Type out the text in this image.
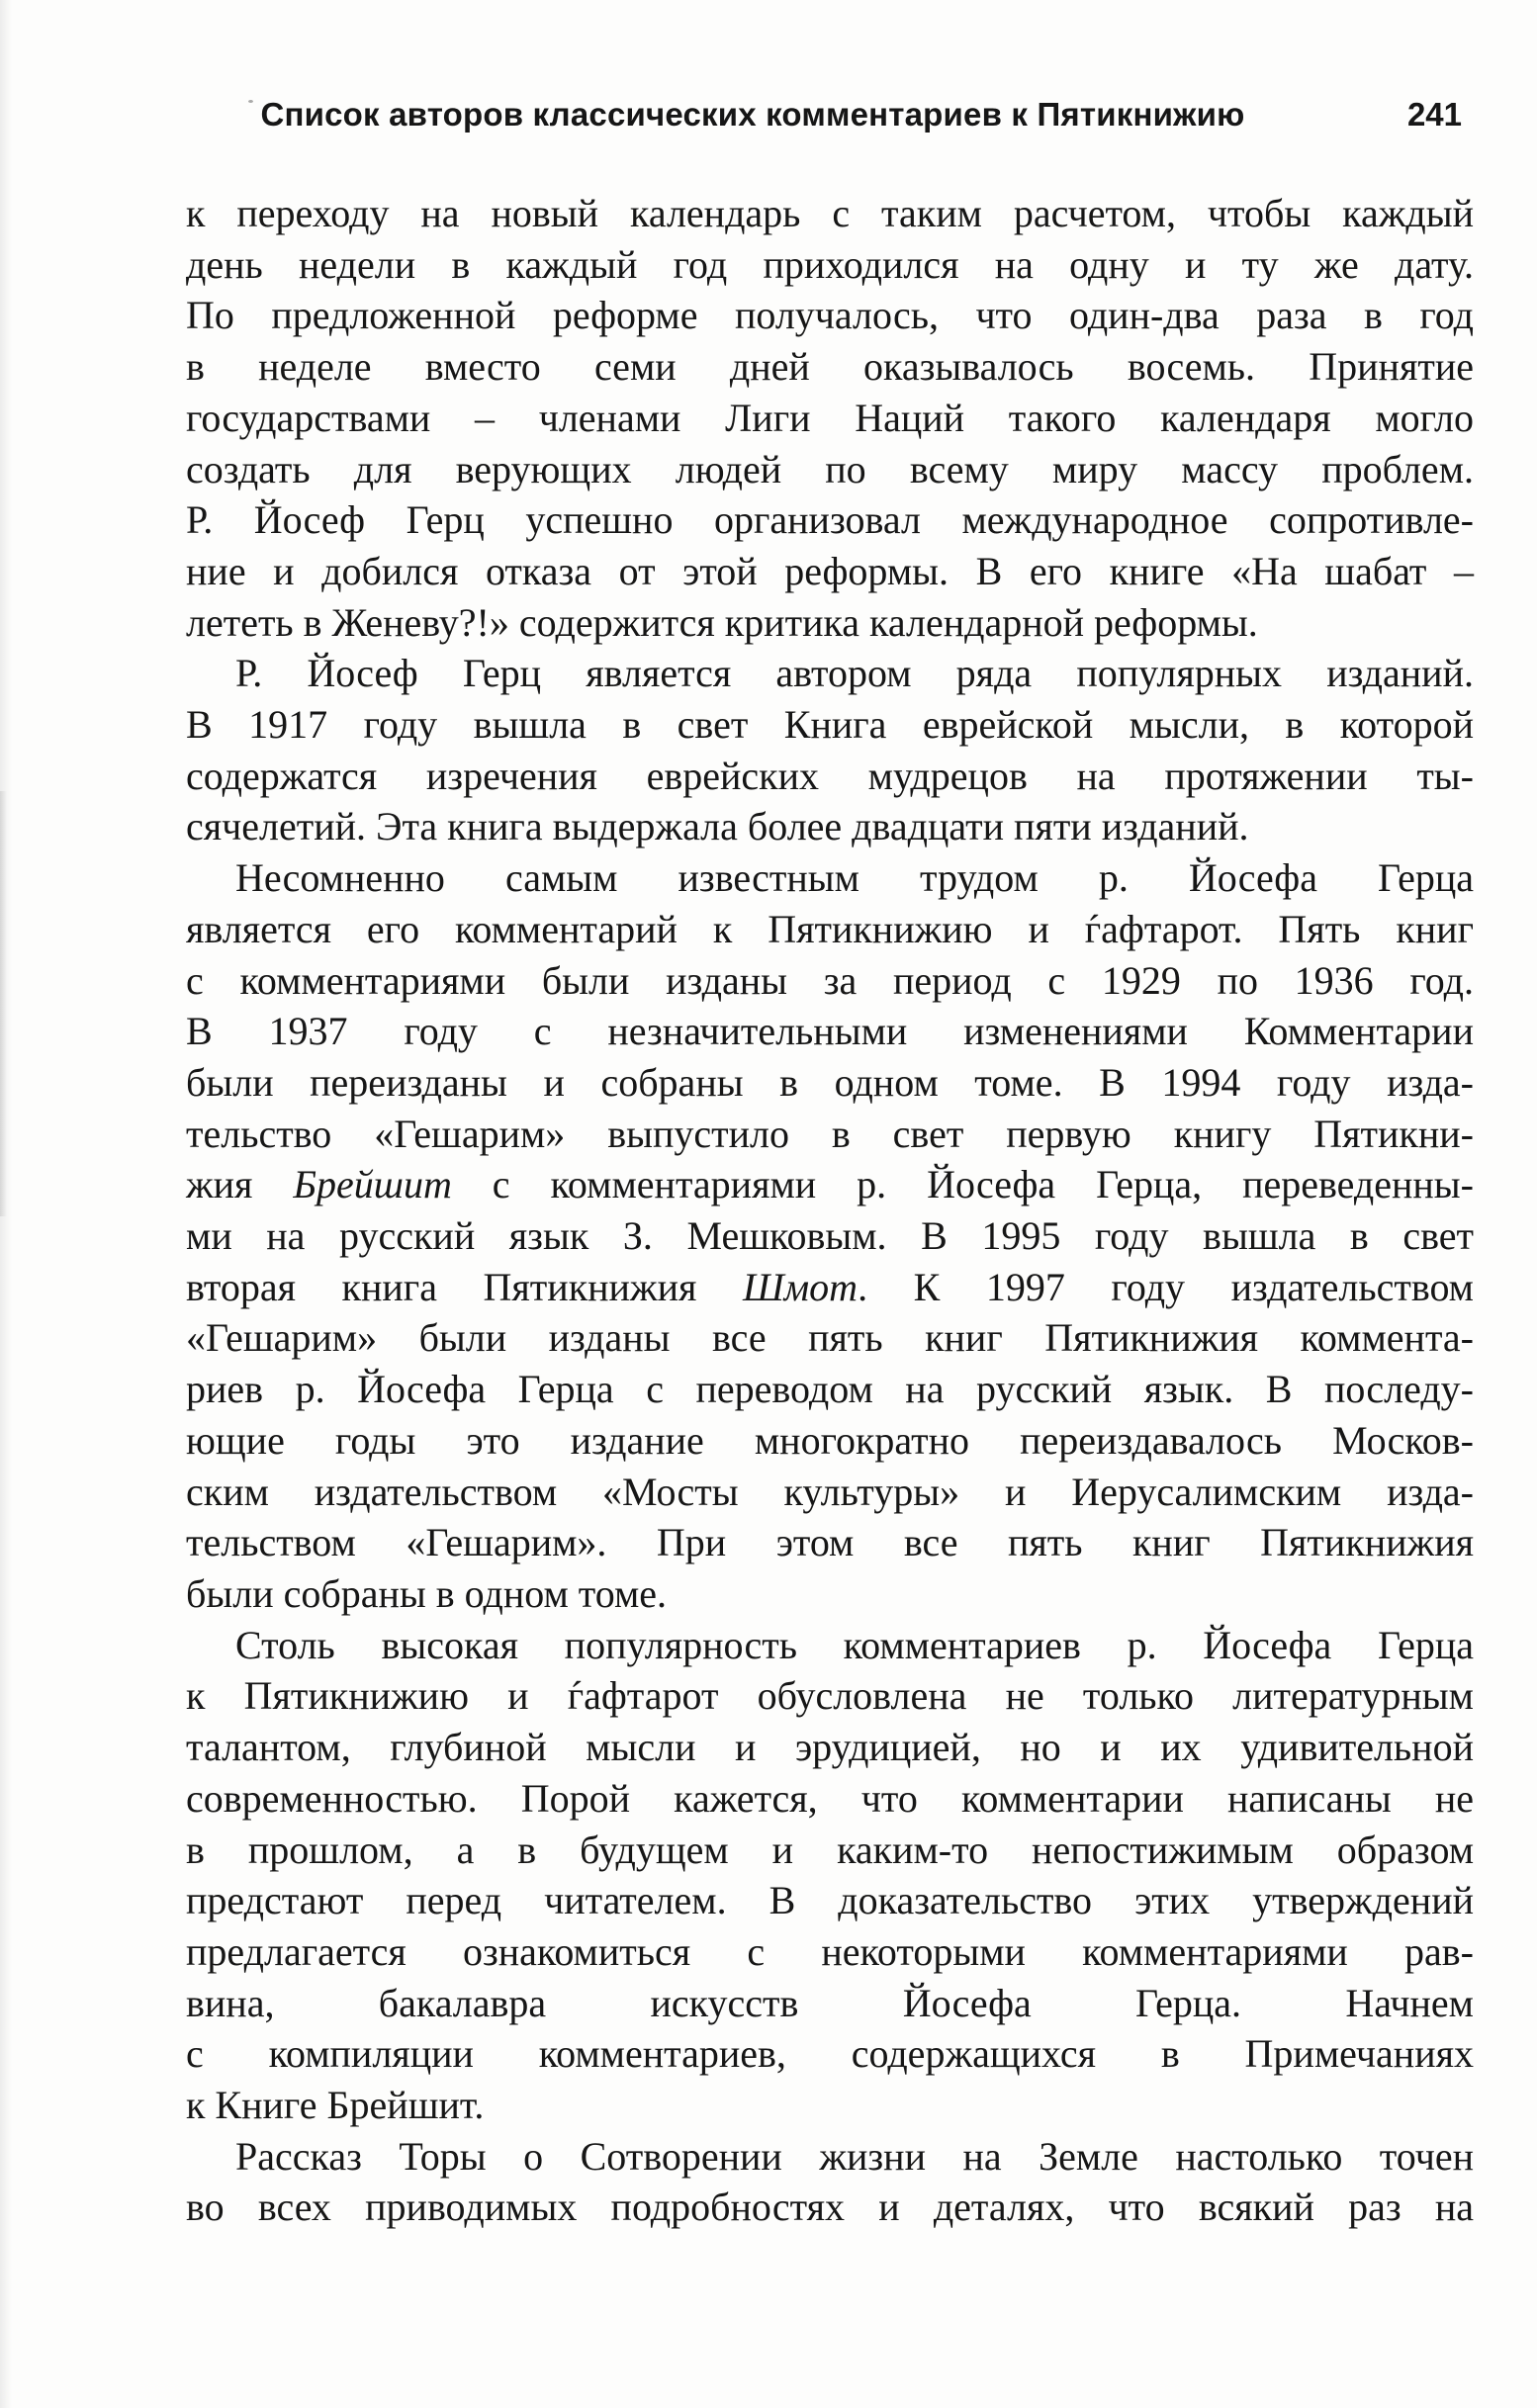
Список авторов классических комментариев к Пятикнижию	241
к переходу на новый календарь с таким расчетом, чтобы каждый
день недели в каждый год приходился на одну и ту же дату.
По предложенной реформе получалось, что один-два раза в год
в неделе вместо семи дней оказывалось восемь. Принятие
государствами – членами Лиги Наций такого календаря могло
создать для верующих людей по всему миру массу проблем.
Р. Йосеф Герц успешно организовал международное сопротивле-
ние и добился отказа от этой реформы. В его книге «На шабат –
лететь в Женеву?!» содержится критика календарной реформы.
Р. Йосеф Герц является автором ряда популярных изданий.
В 1917 году вышла в свет Книга еврейской мысли, в которой
содержатся изречения еврейских мудрецов на протяжении ты-
сячелетий. Эта книга выдержала более двадцати пяти изданий.
Несомненно самым известным трудом р. Йосефа Герца
является его комментарий к Пятикнижию и ѓафтарот. Пять книг
с комментариями были изданы за период с 1929 по 1936 год.
В 1937 году с незначительными изменениями Комментарии
были переизданы и собраны в одном томе. В 1994 году изда-
тельство «Гешарим» выпустило в свет первую книгу Пятикни-
жия Брейшит с комментариями р. Йосефа Герца, переведенны-
ми на русский язык З. Мешковым. В 1995 году вышла в свет
вторая книга Пятикнижия Шмот. К 1997 году издательством
«Гешарим» были изданы все пять книг Пятикнижия коммента-
риев р. Йосефа Герца с переводом на русский язык. В последу-
ющие годы это издание многократно переиздавалось Москов-
ским издательством «Мосты культуры» и Иерусалимским изда-
тельством «Гешарим». При этом все пять книг Пятикнижия
были собраны в одном томе.
Столь высокая популярность комментариев р. Йосефа Герца
к Пятикнижию и ѓафтарот обусловлена не только литературным
талантом, глубиной мысли и эрудицией, но и их удивительной
современностью. Порой кажется, что комментарии написаны не
в прошлом, а в будущем и каким-то непостижимым образом
предстают перед читателем. В доказательство этих утверждений
предлагается ознакомиться с некоторыми комментариями рав-
вина, бакалавра искусств Йосефа Герца. Начнем
с компиляции комментариев, содержащихся в Примечаниях
к Книге Брейшит.
Рассказ Торы о Сотворении жизни на Земле настолько точен
во всех приводимых подробностях и деталях, что всякий раз на
